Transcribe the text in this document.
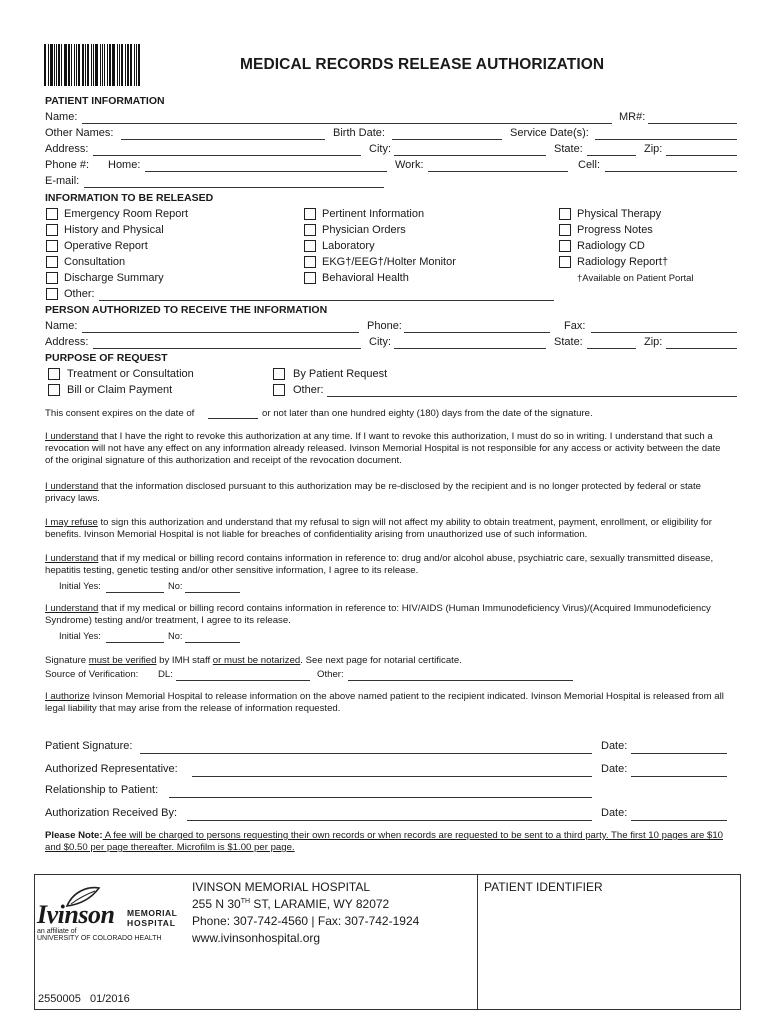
MEDICAL RECORDS RELEASE AUTHORIZATION
PATIENT INFORMATION
Name:	MR#:
Other Names:	Birth Date:	Service Date(s):
Address:	City:	State:	Zip:
Phone #: Home:	Work:	Cell:
E-mail:
INFORMATION TO BE RELEASED
Emergency Room Report
History and Physical
Operative Report
Consultation
Discharge Summary
Other:
Pertinent Information
Physician Orders
Laboratory
EKG†/EEG†/Holter Monitor
Behavioral Health
Physical Therapy
Progress Notes
Radiology CD
Radiology Report†
†Available on Patient Portal
PERSON AUTHORIZED TO RECEIVE THE INFORMATION
Name:	Phone:	Fax:
Address:	City:	State:	Zip:
PURPOSE OF REQUEST
Treatment or Consultation
Bill or Claim Payment
By Patient Request
Other:
This consent expires on the date of	or not later than one hundred eighty (180) days from the date of the signature.
I understand that I have the right to revoke this authorization at any time. If I want to revoke this authorization, I must do so in writing. I understand that such a revocation will not have any effect on any information already released. Ivinson Memorial Hospital is not responsible for any access or activity between the date of the original signature of this authorization and receipt of the revocation document.
I understand that the information disclosed pursuant to this authorization may be re-disclosed by the recipient and is no longer protected by federal or state privacy laws.
I may refuse to sign this authorization and understand that my refusal to sign will not affect my ability to obtain treatment, payment, enrollment, or eligibility for benefits. Ivinson Memorial Hospital is not liable for breaches of confidentiality arising from unauthorized use of such information.
I understand that if my medical or billing record contains information in reference to: drug and/or alcohol abuse, psychiatric care, sexually transmitted disease, hepatitis testing, genetic testing and/or other sensitive information, I agree to its release.
Initial Yes:	No:
I understand that if my medical or billing record contains information in reference to: HIV/AIDS (Human Immunodeficiency Virus)/(Acquired Immunodeficiency Syndrome) testing and/or treatment, I agree to its release.
Initial Yes:	No:
Signature must be verified by IMH staff or must be notarized. See next page for notarial certificate.
Source of Verification: DL:	Other:
I authorize Ivinson Memorial Hospital to release information on the above named patient to the recipient indicated. Ivinson Memorial Hospital is released from all legal liability that may arise from the release of information requested.
Patient Signature:	Date:
Authorized Representative:	Date:
Relationship to Patient:
Authorization Received By:	Date:
Please Note: A fee will be charged to persons requesting their own records or when records are requested to be sent to a third party. The first 10 pages are $10 and $0.50 per page thereafter. Microfilm is $1.00 per page.
Ivinson MEMORIAL
HOSPITAL
an affiliate of
UNIVERSITY OF COLORADO HEALTH
IVINSON MEMORIAL HOSPITAL
255 N 30TH ST, LARAMIE, WY 82072
Phone: 307-742-4560 | Fax: 307-742-1924
www.ivinsonhospital.org
PATIENT IDENTIFIER
2550005   01/2016
